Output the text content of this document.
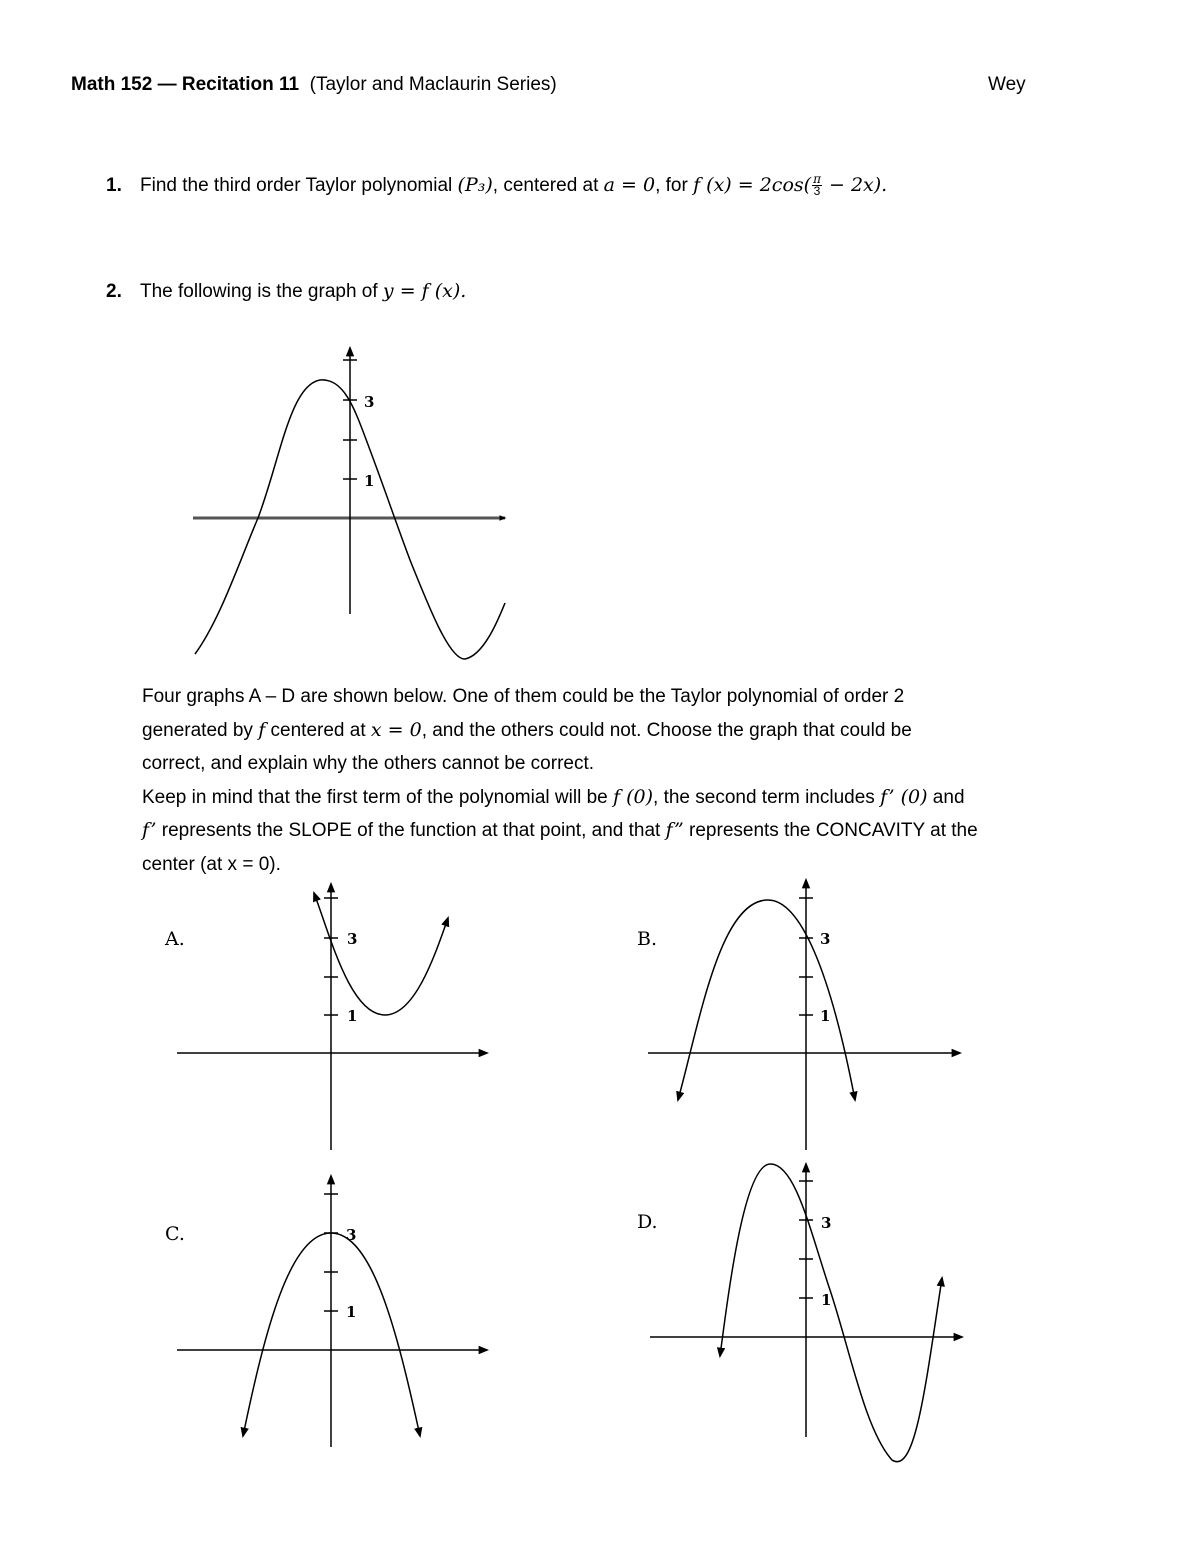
Math 152 — Recitation 11 (Taylor and Maclaurin Series)	Wey
1. Find the third order Taylor polynomial (P₃), centered at a = 0, for f $(x) = 2\cos( \frac{\pi}{3} - 2x)$.
2. The following is the graph of y = f (x).

Four graphs A – D are shown below. One of them could be the Taylor polynomial of order 2

generated by f centered at x = 0, and the others could not. Choose the graph that could be

correct, and explain why the others cannot be correct.

Keep in mind that the first term of the polynomial will be f (0), the second term includes f’ (0) and

f’ represents the SLOPE of the function at that point, and that f” represents the CONCAVITY at the

center (at x = 0).

3
1
A.	3
1
B.	3
1
C.	3
1
D.	3
1
